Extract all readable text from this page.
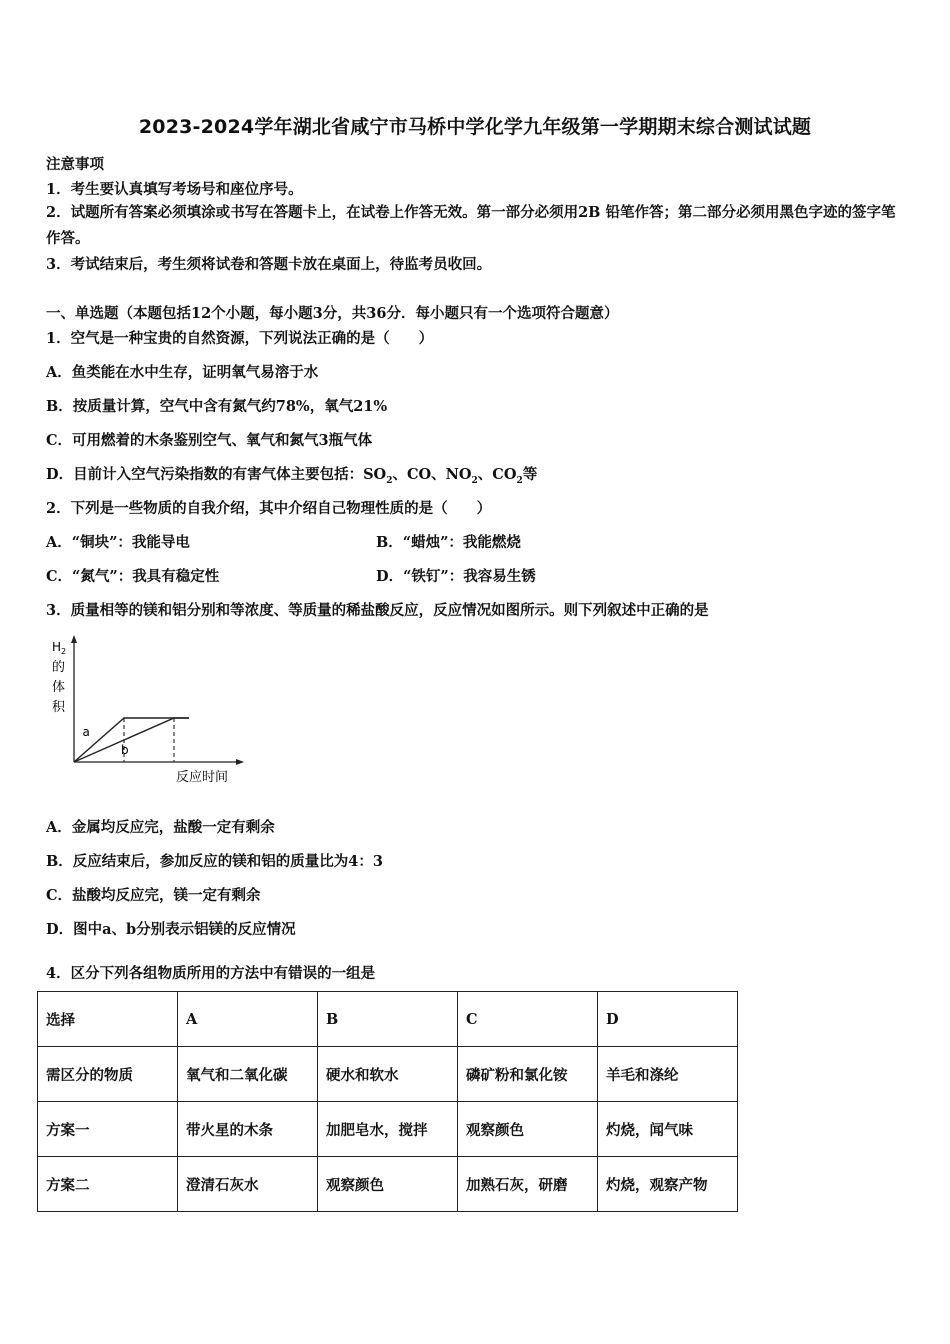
2023-2024学年湖北省咸宁市马桥中学化学九年级第一学期期末综合测试试题
注意事项
1．考生要认真填写考场号和座位序号。
2．试题所有答案必须填涂或书写在答题卡上，在试卷上作答无效。第一部分必须用2B 铅笔作答；第二部分必须用黑色字迹的签字笔作答。
3．考试结束后，考生须将试卷和答题卡放在桌面上，待监考员收回。
一、单选题（本题包括12个小题，每小题3分，共36分．每小题只有一个选项符合题意）
1．空气是一种宝贵的自然资源，下列说法正确的是（　　）
A．鱼类能在水中生存，证明氧气易溶于水
B．按质量计算，空气中含有氮气约78%，氧气21%
C．可用燃着的木条鉴别空气、氧气和氮气3瓶气体
D．目前计入空气污染指数的有害气体主要包括：$SO_2$、CO、$NO_2$、$CO_2$等
2．下列是一些物质的自我介绍，其中介绍自己物理性质的是（　　）
A．“铜块”：我能导电	B．“蜡烛”：我能燃烧
C．“氮气”：我具有稳定性	D．“铁钉”：我容易生锈
3．质量相等的镁和铝分别和等浓度、等质量的稀盐酸反应，反应情况如图所示。则下列叙述中正确的是
H 2
的
体
积
反应时间
a
b
A．金属均反应完，盐酸一定有剩余
B．反应结束后，参加反应的镁和铝的质量比为4：3
C．盐酸均反应完，镁一定有剩余
D．图中a、b分别表示铝镁的反应情况
4．区分下列各组物质所用的方法中有错误的一组是
选择	A	B	C	D
需区分的物质	氧气和二氧化碳	硬水和软水	磷矿粉和氯化铵	羊毛和涤纶
方案一	带火星的木条	加肥皂水，搅拌	观察颜色	灼烧，闻气味
方案二	澄清石灰水	观察颜色	加熟石灰，研磨	灼烧，观察产物
